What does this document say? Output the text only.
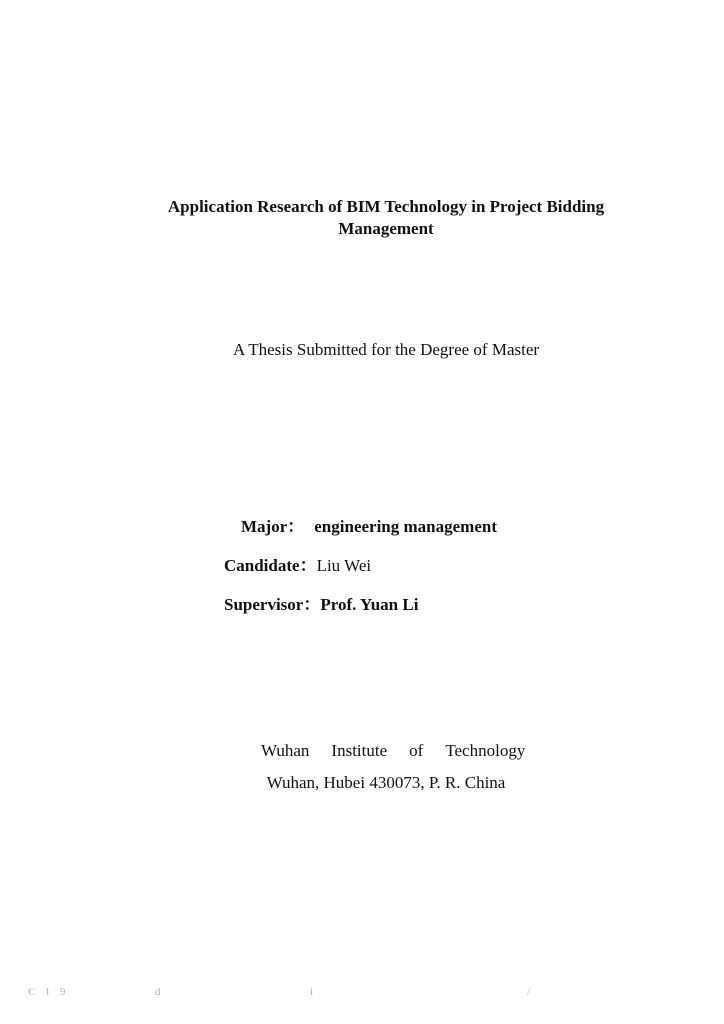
Application Research of BIM Technology in Project Bidding
Management
A Thesis Submitted for the Degree of Master
Major： engineering management
Candidate：Liu Wei
Supervisor：Prof. Yuan Li
Wuhan Institute of Technology
Wuhan, Hubei 430073, P. R. China
C l 9	d	i	/
